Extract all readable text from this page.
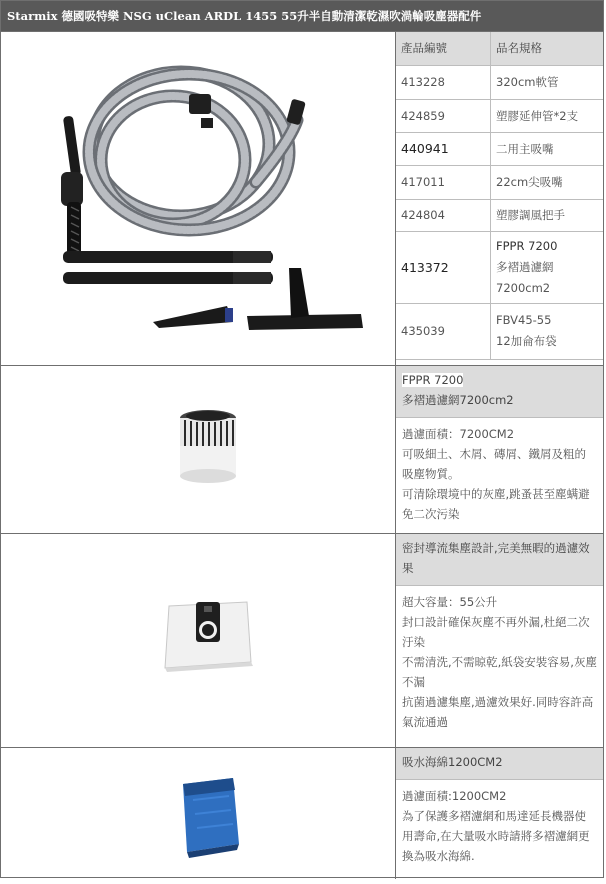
Starmix 德國吸特樂 NSG uClean ARDL 1455 55升半自動清潔乾濕吹渦輪吸塵器配件
產品編號	品名規格
413228	320cm軟管
424859	塑膠延伸管*2支
440941	二用主吸嘴
417011	22cm尖吸嘴
424804	塑膠調風把手
413372	FPPR 7200
多褶過濾網
7200cm2

435039	FBV45-55
12加侖布袋
FPPR 7200
多褶過濾網7200cm2

過濾面積：7200CM2

可吸細土、木屑、磚屑、鐵屑及粗的吸塵物質。

可清除環境中的灰塵,跳蚤甚至塵螨避免二次污染

密封導流集塵設計,完美無暇的過濾效果

超大容量：55公升

封口設計確保灰塵不再外漏,杜絕二次汙染

不需清洗,不需晾乾,紙袋安裝容易,灰塵不漏

抗菌過濾集塵,過濾效果好.同時容許高氣流通過

吸水海綿1200CM2

過濾面積:1200CM2

為了保護多褶濾網和馬達延長機器使用壽命,在大量吸水時請將多褶濾網更換為吸水海綿.
